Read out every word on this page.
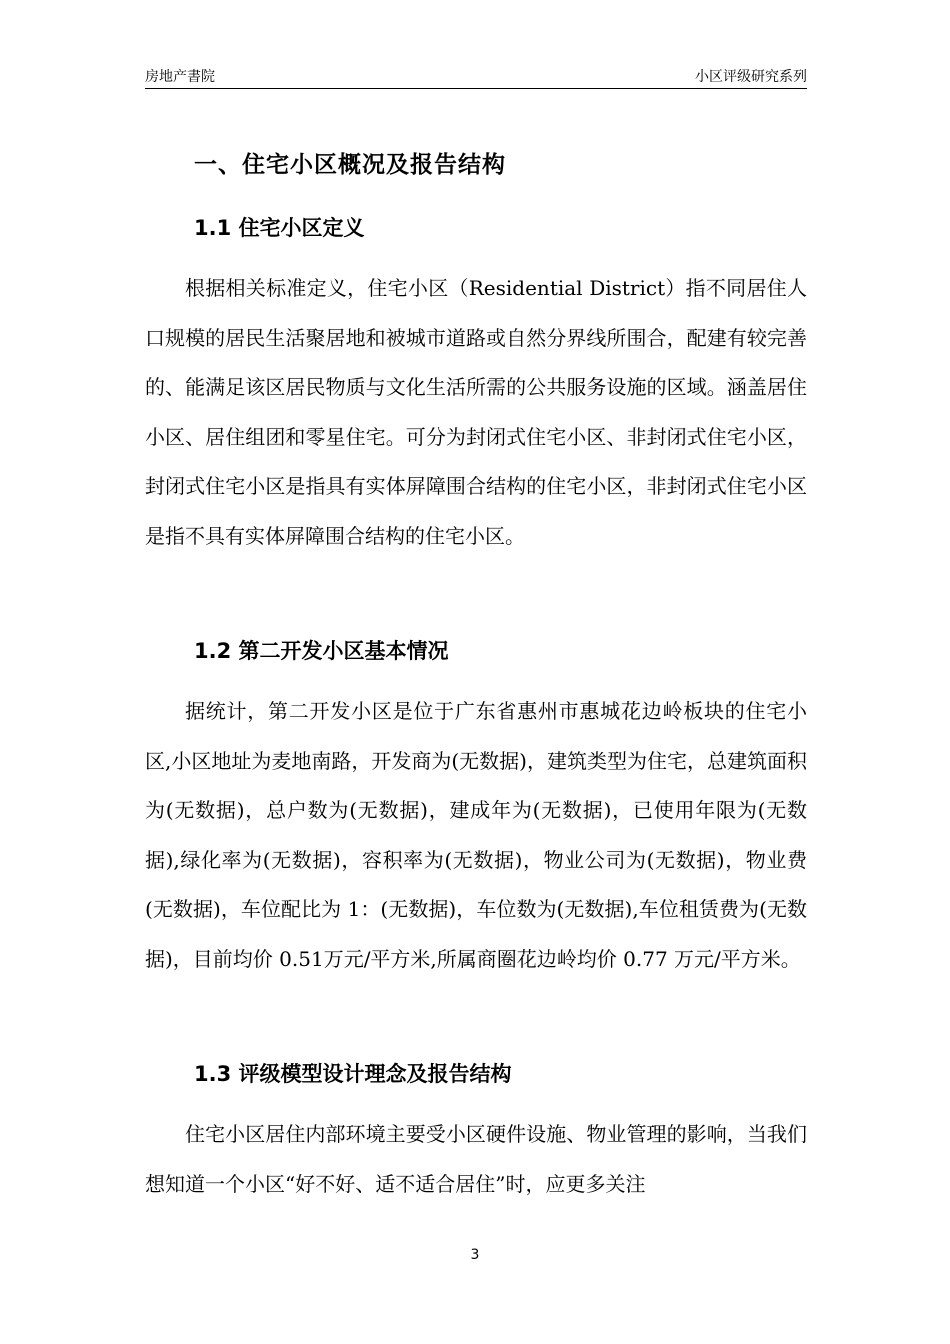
房地产書院	小区评级研究系列
一、住宅小区概况及报告结构
1.1 住宅小区定义

根据相关标准定义，住宅小区（Residential District）指不同居住人口规模的居民生活聚居地和被城市道路或自然分界线所围合，配建有较完善的、能满足该区居民物质与文化生活所需的公共服务设施的区域。涵盖居住小区、居住组团和零星住宅。可分为封闭式住宅小区、非封闭式住宅小区，封闭式住宅小区是指具有实体屏障围合结构的住宅小区，非封闭式住宅小区是指不具有实体屏障围合结构的住宅小区。

1.2 第二开发小区基本情况

据统计，第二开发小区是位于广东省惠州市惠城花边岭板块的住宅小区,小区地址为麦地南路，开发商为(无数据)，建筑类型为住宅，总建筑面积为(无数据)，总户数为(无数据)，建成年为(无数据)，已使用年限为(无数据),绿化率为(无数据)，容积率为(无数据)，物业公司为(无数据)，物业费(无数据)，车位配比为 1：(无数据)，车位数为(无数据),车位租赁费为(无数据)，目前均价 0.51万元/平方米,所属商圈花边岭均价 0.77 万元/平方米。

1.3 评级模型设计理念及报告结构

住宅小区居住内部环境主要受小区硬件设施、物业管理的影响，当我们想知道一个小区“好不好、适不适合居住”时，应更多关注

3
